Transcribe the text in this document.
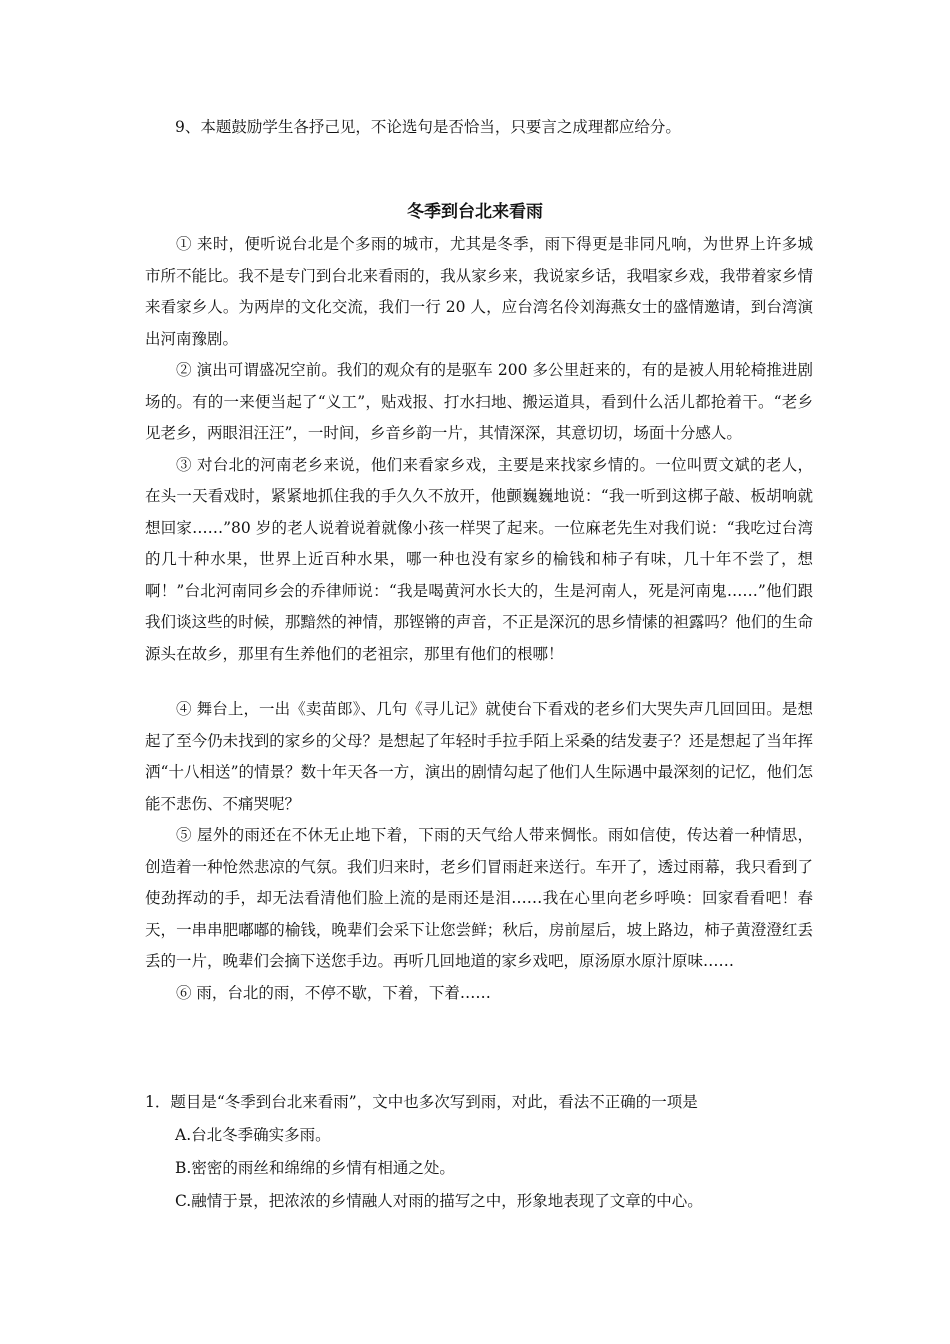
9、本题鼓励学生各抒己见，不论选句是否恰当，只要言之成理都应给分。
冬季到台北来看雨

① 来时，便听说台北是个多雨的城市，尤其是冬季，雨下得更是非同凡响，为世界上许多城市所不能比。我不是专门到台北来看雨的，我从家乡来，我说家乡话，我唱家乡戏，我带着家乡情来看家乡人。为两岸的文化交流，我们一行 20 人，应台湾名伶刘海燕女士的盛情邀请，到台湾演出河南豫剧。

② 演出可谓盛况空前。我们的观众有的是驱车 200 多公里赶来的，有的是被人用轮椅推进剧场的。有的一来便当起了“义工”，贴戏报、打水扫地、搬运道具，看到什么活儿都抢着干。“老乡见老乡，两眼泪汪汪”，一时间，乡音乡韵一片，其情深深，其意切切，场面十分感人。

③ 对台北的河南老乡来说，他们来看家乡戏，主要是来找家乡情的。一位叫贾文斌的老人，在头一天看戏时，紧紧地抓住我的手久久不放开，他颤巍巍地说：“我一听到这梆子敲、板胡响就想回家……”80 岁的老人说着说着就像小孩一样哭了起来。一位麻老先生对我们说：“我吃过台湾的几十种水果，世界上近百种水果，哪一种也没有家乡的榆钱和柿子有味，几十年不尝了，想啊！”台北河南同乡会的乔律师说：“我是喝黄河水长大的，生是河南人，死是河南鬼……”他们跟我们谈这些的时候，那黯然的神情，那铿锵的声音，不正是深沉的思乡情愫的袒露吗？他们的生命源头在故乡，那里有生养他们的老祖宗，那里有他们的根哪！

④ 舞台上，一出《卖苗郎》、几句《寻儿记》就使台下看戏的老乡们大哭失声几回回田。是想起了至今仍未找到的家乡的父母？是想起了年轻时手拉手陌上采桑的结发妻子？还是想起了当年挥洒“十八相送”的情景？数十年天各一方，演出的剧情勾起了他们人生际遇中最深刻的记忆，他们怎能不悲伤、不痛哭呢？

⑤ 屋外的雨还在不休无止地下着，下雨的天气给人带来惆怅。雨如信使，传达着一种情思，创造着一种怆然悲凉的气氛。我们归来时，老乡们冒雨赶来送行。车开了，透过雨幕，我只看到了使劲挥动的手，却无法看清他们脸上流的是雨还是泪……我在心里向老乡呼唤：回家看看吧！春天，一串串肥嘟嘟的榆钱，晚辈们会采下让您尝鲜；秋后，房前屋后，坡上路边，柿子黄澄澄红丢丢的一片，晚辈们会摘下送您手边。再听几回地道的家乡戏吧，原汤原水原汁原味……

⑥ 雨，台北的雨，不停不歇，下着，下着……

1．题目是“冬季到台北来看雨”，文中也多次写到雨，对此，看法不正确的一项是

A.台北冬季确实多雨。

B.密密的雨丝和绵绵的乡情有相通之处。

C.融情于景，把浓浓的乡情融人对雨的描写之中，形象地表现了文章的中心。
